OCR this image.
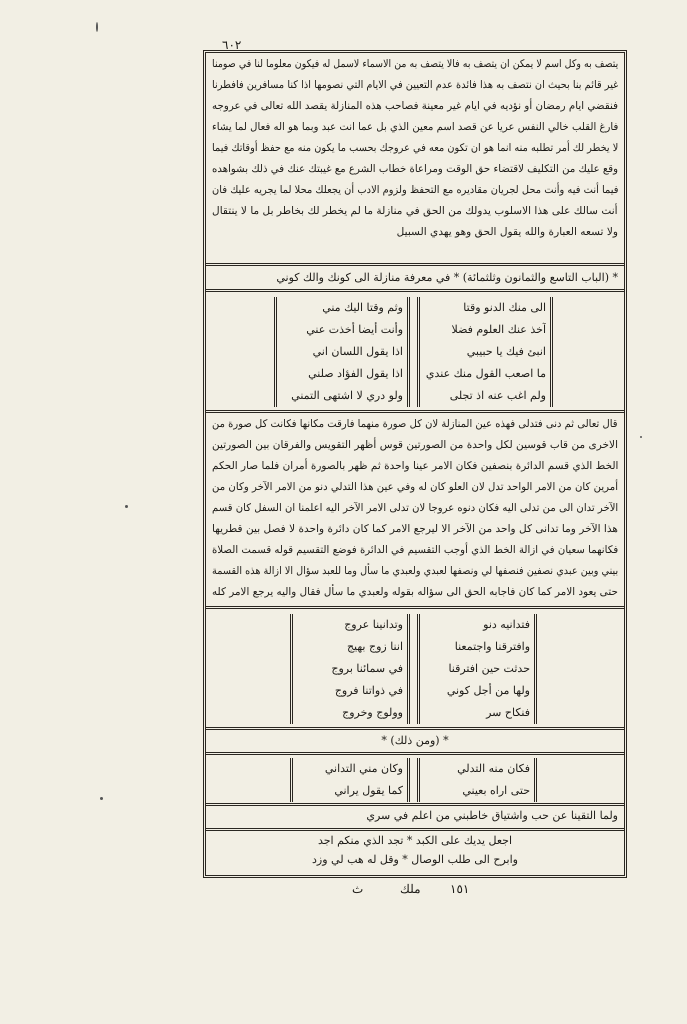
٦٠٢
يتصف به وكل اسم لا يمكن ان يتصف به فالا يتصف به من الاسماء لاسمل له فيكون معلوما لنا في صومنا
غير قائم بنا بحيث ان نتصف به هذا فائدة عدم التعيين في الايام التي نصومها اذا كنا مسافرين فافطرنا
فنقضي ايام رمضان أو نؤديه في ايام غير معينة فصاحب هذه المنازلة يقصد الله تعالى في عروجه
فارغ القلب خالي النفس عريا عن قصد اسم معين الذي بل عما انت عبد وبما هو اله فعال لما يشاء
لا يخطر لك أمر تطلبه منه انما هو ان تكون معه في عروجك بحسب ما يكون منه مع حفظ أوقاتك فيما
وقع عليك من التكليف لاقتضاء حق الوقت ومراعاة خطاب الشرع مع غيبتك عنك في ذلك بشواهده
فيما أنت فيه وأنت محل لجريان مقاديره مع التحفظ ولزوم الادب أن يجعلك محلا لما يجريه عليك فان
أنت سالك على هذا الاسلوب يدولك من الحق في منازلة ما لم يخطر لك بخاطر بل ما لا ينتقال
ولا تسعه العبارة والله يقول الحق وهو يهدي السبيل
* (الباب التاسع والثمانون وثلثمائة) * في معرفة منازلة الى كونك والك كوني
الى منك الدنو وقتا
آخذ عنك العلوم فضلا
انبئ فيك يا حبيبي
ما اصعب القول منك عندي
ولم اغب عنه اذ تجلى
وثم وقتا اليك مني
وأنت أيضا أخذت عني
اذا يقول اللسان اني
اذا يقول الفؤاد صلني
ولو دري لا اشتهى التمني
قال تعالى ثم دنى فتدلى فهذه عين المنازلة لان كل صورة منهما فارقت مكانها فكانت كل صورة من
الاخرى من قاب قوسين لكل واحدة من الصورتين قوس أظهر التقويس والفرقان بين الصورتين
الخط الذي قسم الدائرة بنصفين فكان الامر عينا واحدة ثم ظهر بالصورة أمران فلما صار الحكم
أمرين كان من الامر الواحد تدل لان العلو كان له وفي عين هذا التدلي دنو من الامر الآخر وكان من
الآخر تدان الى من تدلى اليه فكان دنوه عروجا لان تدلى الامر الآخر اليه اعلمنا ان السفل كان قسم
هذا الآخر وما تدانى كل واحد من الآخر الا ليرجع الامر كما كان دائرة واحدة لا فصل بين قطريها
فكانهما سعيان في ازالة الخط الذي أوجب التقسيم في الدائرة فوضع التقسيم قوله قسمت الصلاة
بيني وبين عبدي نصفين فنصفها لي ونصفها لعبدي ولعبدي ما سأل وما للعبد سؤال الا ازالة هذه القسمة
حتى يعود الامر كما كان فاجابه الحق الى سؤاله بقوله ولعبدي ما سأل فقال واليه يرجع الامر كله
فتدانيه دنو
وافترقنا واجتمعنا
حدثت حين افترقنا
ولها من أجل كوني
فنكاح سر
وتدانينا عروج
اننا زوج بهيج
في سمائنا بروج
في ذواتنا فروج
وولوج وخروج
* (ومن ذلك) *
فكان منه التدلي
حتى اراه بعيني
وكان مني التداني
كما يقول يراني
ولما التقينا عن حب واشتياق خاطبني من اعلم في سري
اجعل يديك على الكبد * تجد الذي منكم اجد
وابرح الى طلب الوصال * وقل له هب لي وزد
١٥١
ملك
ث
